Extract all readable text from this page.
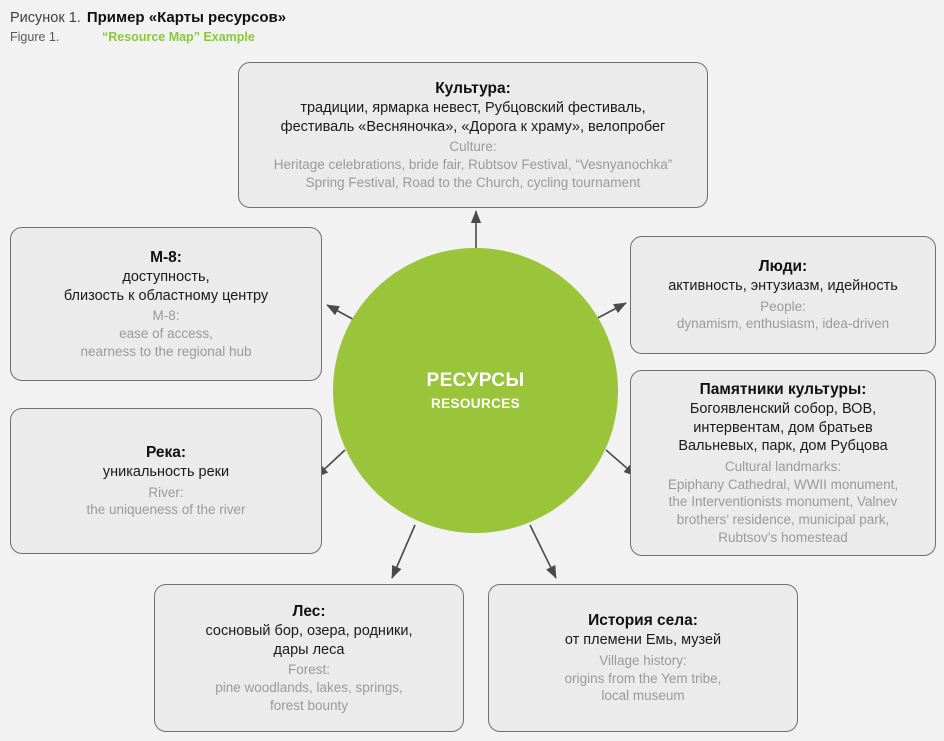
Рисунок 1. Пример «Карты ресурсов»
Figure 1.	“Resource Map” Example
РЕСУРСЫ
RESOURCES
Культура:
традиции, ярмарка невест, Рубцовский фестиваль,
фестиваль «Весняночка», «Дорога к храму», велопробег
Culture:
Heritage celebrations, bride fair, Rubtsov Festival, “Vesnyanochka”
Spring Festival, Road to the Church, cycling tournament
М-8:
доступность,
близость к областному центру
M-8:
ease of access,
nearness to the regional hub
Люди:
активность, энтузиазм, идейность
People:
dynamism, enthusiasm, idea-driven
Река:
уникальность реки
River:
the uniqueness of the river
Памятники культуры:
Богоявленский собор, ВОВ,
интервентам, дом братьев
Вальневых, парк, дом Рубцова
Cultural landmarks:
Epiphany Cathedral, WWII monument,
the Interventionists monument, Valnev
brothers’ residence, municipal park,
Rubtsov’s homestead
Лес:
сосновый бор, озера, родники,
дары леса
Forest:
pine woodlands, lakes, springs,
forest bounty
История села:
от племени Емь, музей
Village history:
origins from the Yem tribe,
local museum
